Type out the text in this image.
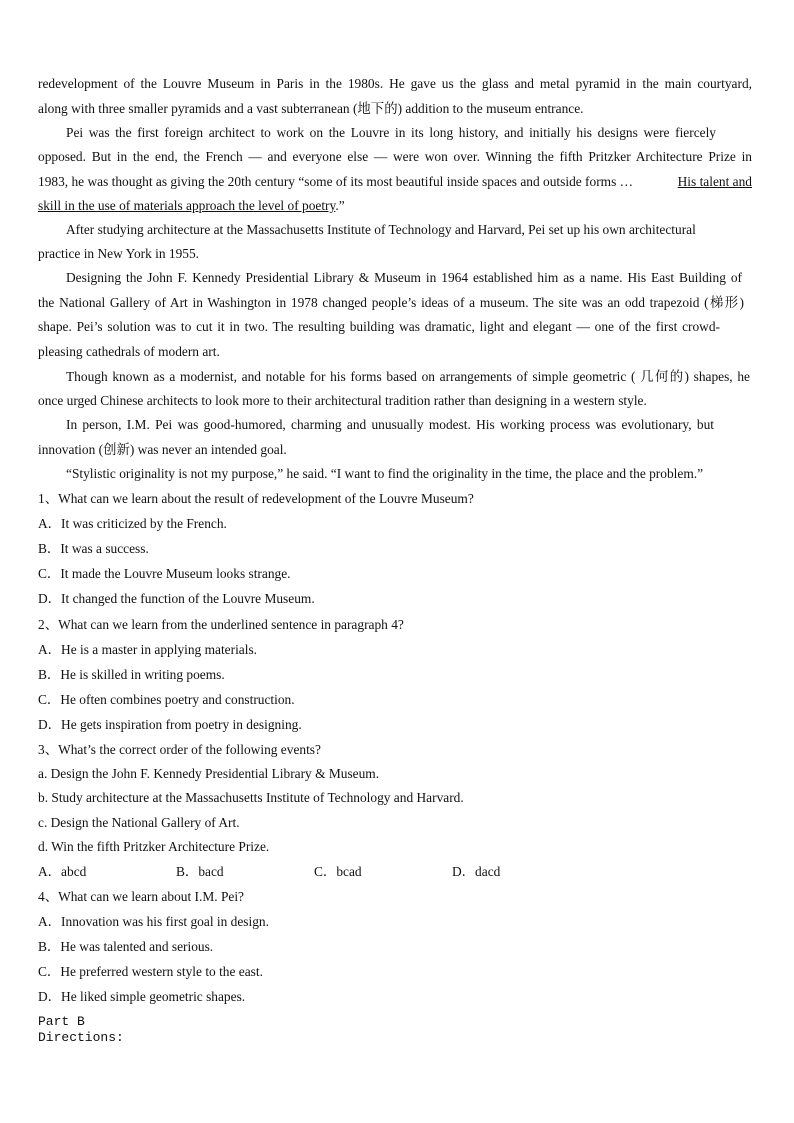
redevelopment of the Louvre Museum in Paris in the 1980s. He gave us the glass and metal pyramid in the main courtyard,
along with three smaller pyramids and a vast subterranean (地下的) addition to the museum entrance.
Pei was the first foreign architect to work on the Louvre in its long history, and initially his designs were fiercely
opposed. But in the end, the French — and everyone else — were won over. Winning the fifth Pritzker Architecture Prize in
1983, he was thought as giving the 20th century “some of its most beautiful inside spaces and outside forms …	His talent and
skill in the use of materials approach the level of poetry.”
After studying architecture at the Massachusetts Institute of Technology and Harvard, Pei set up his own architectural
practice in New York in 1955.
Designing the John F. Kennedy Presidential Library & Museum in 1964 established him as a name. His East Building of
the National Gallery of Art in Washington in 1978 changed people’s ideas of a museum. The site was an odd trapezoid (梯形)
shape. Pei’s solution was to cut it in two. The resulting building was dramatic, light and elegant — one of the first crowd-
pleasing cathedrals of modern art.
Though known as a modernist, and notable for his forms based on arrangements of simple geometric ( 几何的) shapes, he
once urged Chinese architects to look more to their architectural tradition rather than designing in a western style.
In person, I.M. Pei was good-humored, charming and unusually modest. His working process was evolutionary, but
innovation (创新) was never an intended goal.
“Stylistic originality is not my purpose,” he said. “I want to find the originality in the time, the place and the problem.”
1、What can we learn about the result of redevelopment of the Louvre Museum?
A．It was criticized by the French.
B．It was a success.
C．It made the Louvre Museum looks strange.
D．It changed the function of the Louvre Museum.
2、What can we learn from the underlined sentence in paragraph 4?
A．He is a master in applying materials.
B．He is skilled in writing poems.
C．He often combines poetry and construction.
D．He gets inspiration from poetry in designing.
3、What’s the correct order of the following events?
a. Design the John F. Kennedy Presidential Library & Museum.
b. Study architecture at the Massachusetts Institute of Technology and Harvard.
c. Design the National Gallery of Art.
d. Win the fifth Pritzker Architecture Prize.
A．abcd	B．bacd	C．bcad	D．dacd
4、What can we learn about I.M. Pei?
A．Innovation was his first goal in design.
B．He was talented and serious.
C．He preferred western style to the east.
D．He liked simple geometric shapes.
Part B
Directions:
